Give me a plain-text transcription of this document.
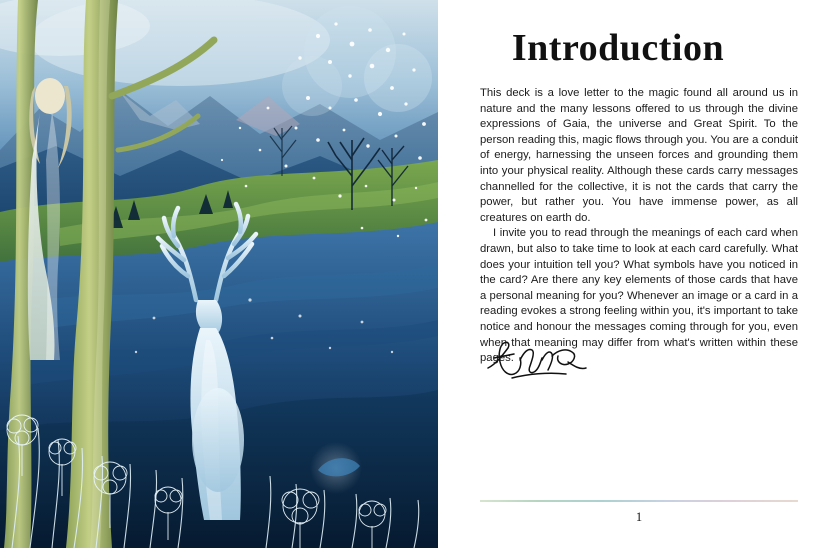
Introduction

This deck is a love letter to the magic found all around us in nature and the many lessons offered to us through the divine expressions of Gaia, the universe and Great Spirit. To the person reading this, magic flows through you. You are a conduit of energy, harnessing the unseen forces and grounding them into your physical reality. Although these cards carry messages channelled for the collective, it is not the cards that carry the power, but rather you. You have immense power, as all creatures on earth do.

I invite you to read through the meanings of each card when drawn, but also to take time to look at each card carefully. What does your intuition tell you? What symbols have you noticed in the card? Are there any key elements of those cards that have a personal meaning for you? Whenever an image or a card in a reading evokes a strong feeling within you, it's important to take notice and honour the messages coming through for you, even when that meaning may differ from what's written within these pages.

1
